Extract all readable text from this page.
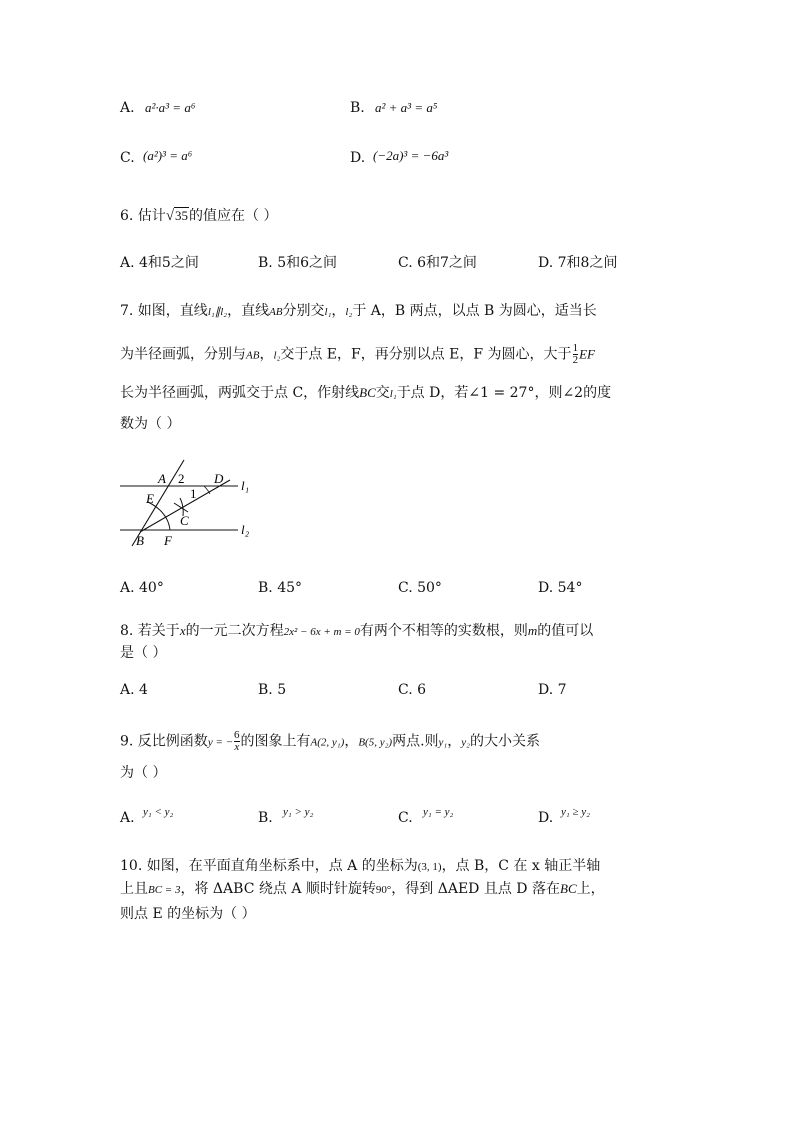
A. a²·a³ = a⁶	B. a² + a³ = a⁵
C. (a²)³ = a⁶	D. (−2a)³ = −6a³
6. 估计√35的值应在（ ）
A. 4和5之间	B. 5和6之间	C. 6和7之间	D. 7和8之间
7. 如图，直线l₁∥l₂，直线AB分别交l₁，l₂于 A，B 两点，以点 B 为圆心，适当长
为半径画弧，分别与AB，l₂交于点 E，F，再分别以点 E，F 为圆心，大于 $\frac{1}{2}$ EF
长为半径画弧，两弧交于点 C，作射线BC交l₁于点 D，若∠1 = 27°，则∠2的度
数为（ ）
A 2 D l₁
E	1
C
B F
l₂
A. 40°	B. 45°	C. 50°	D. 54°
8. 若关于x的一元二次方程2x² − 6x + m = 0有两个不相等的实数根，则m的值可以
是（ ）
A. 4	B. 5	C. 6	D. 7
9. 反比例函数y = − $\frac{6}{x}$ 的图象上有A(2, y₁)，B(5, y₂)两点.则y₁，y₂的大小关系
为（ ）
A. y₁ < y₂	B. y₁ > y₂	C. y₁ = y₂	D. y₁ ≥ y₂
10. 如图，在平面直角坐标系中，点 A 的坐标为(3, 1)，点 B，C 在 x 轴正半轴
上且BC = 3，将 ΔABC 绕点 A 顺时针旋转90°，得到 ΔAED 且点 D 落在BC上，
则点 E 的坐标为（ ）
